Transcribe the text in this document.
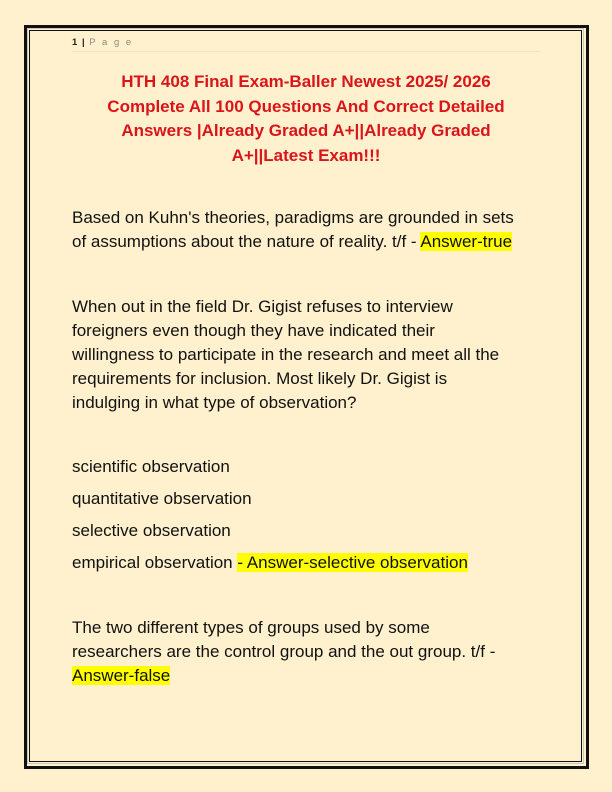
1 | P a g e
HTH 408 Final Exam-Baller Newest 2025/ 2026
Complete All 100 Questions And Correct Detailed
Answers |Already Graded A+||Already Graded
A+||Latest Exam!!!
Based on Kuhn's theories, paradigms are grounded in sets
of assumptions about the nature of reality. t/f - Answer-true
When out in the field Dr. Gigist refuses to interview
foreigners even though they have indicated their
willingness to participate in the research and meet all the
requirements for inclusion. Most likely Dr. Gigist is
indulging in what type of observation?
scientific observation
quantitative observation
selective observation
empirical observation - Answer-selective observation
The two different types of groups used by some
researchers are the control group and the out group. t/f -
Answer-false
